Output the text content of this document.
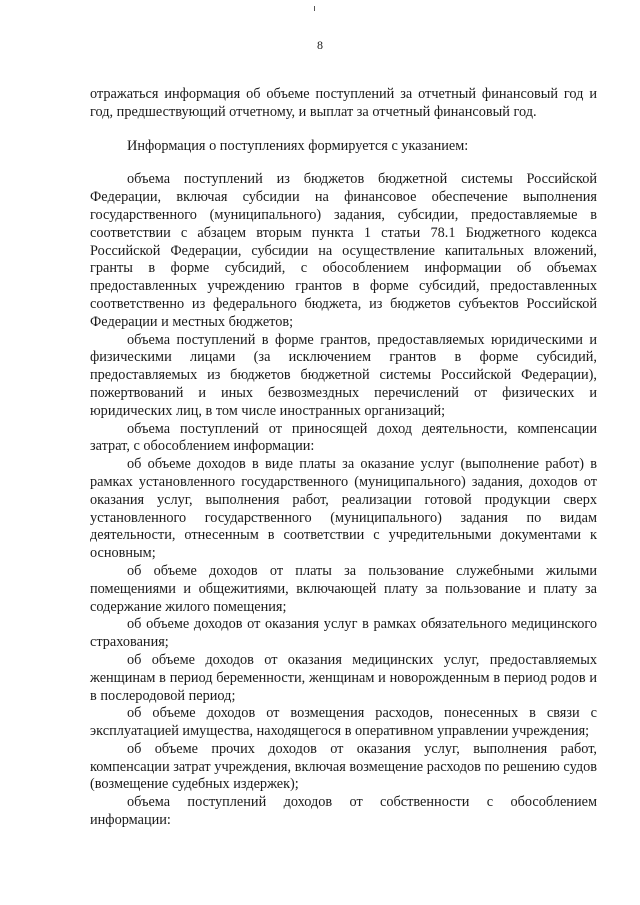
8

отражаться информация об объеме поступлений за отчетный финансовый год и год, предшествующий отчетному, и выплат за отчетный финансовый год.

Информация о поступлениях формируется с указанием:

объема поступлений из бюджетов бюджетной системы Российской Федерации, включая субсидии на финансовое обеспечение выполнения государственного (муниципального) задания, субсидии, предоставляемые в соответствии с абзацем вторым пункта 1 статьи 78.1 Бюджетного кодекса Российской Федерации, субсидии на осуществление капитальных вложений, гранты в форме субсидий, с обособлением информации об объемах предоставленных учреждению грантов в форме субсидий, предоставленных соответственно из федерального бюджета, из бюджетов субъектов Российской Федерации и местных бюджетов;

объема поступлений в форме грантов, предоставляемых юридическими и физическими лицами (за исключением грантов в форме субсидий, предоставляемых из бюджетов бюджетной системы Российской Федерации), пожертвований и иных безвозмездных перечислений от физических и юридических лиц, в том числе иностранных организаций;

объема поступлений от приносящей доход деятельности, компенсации затрат, с обособлением информации:

об объеме доходов в виде платы за оказание услуг (выполнение работ) в рамках установленного государственного (муниципального) задания, доходов от оказания услуг, выполнения работ, реализации готовой продукции сверх установленного государственного (муниципального) задания по видам деятельности, отнесенным в соответствии с учредительными документами к основным;

об объеме доходов от платы за пользование служебными жилыми помещениями и общежитиями, включающей плату за пользование и плату за содержание жилого помещения;

об объеме доходов от оказания услуг в рамках обязательного медицинского страхования;

об объеме доходов от оказания медицинских услуг, предоставляемых женщинам в период беременности, женщинам и новорожденным в период родов и в послеродовой период;

об объеме доходов от возмещения расходов, понесенных в связи с эксплуатацией имущества, находящегося в оперативном управлении учреждения;

об объеме прочих доходов от оказания услуг, выполнения работ, компенсации затрат учреждения, включая возмещение расходов по решению судов (возмещение судебных издержек);

объема поступлений доходов от собственности с обособлением информации:
